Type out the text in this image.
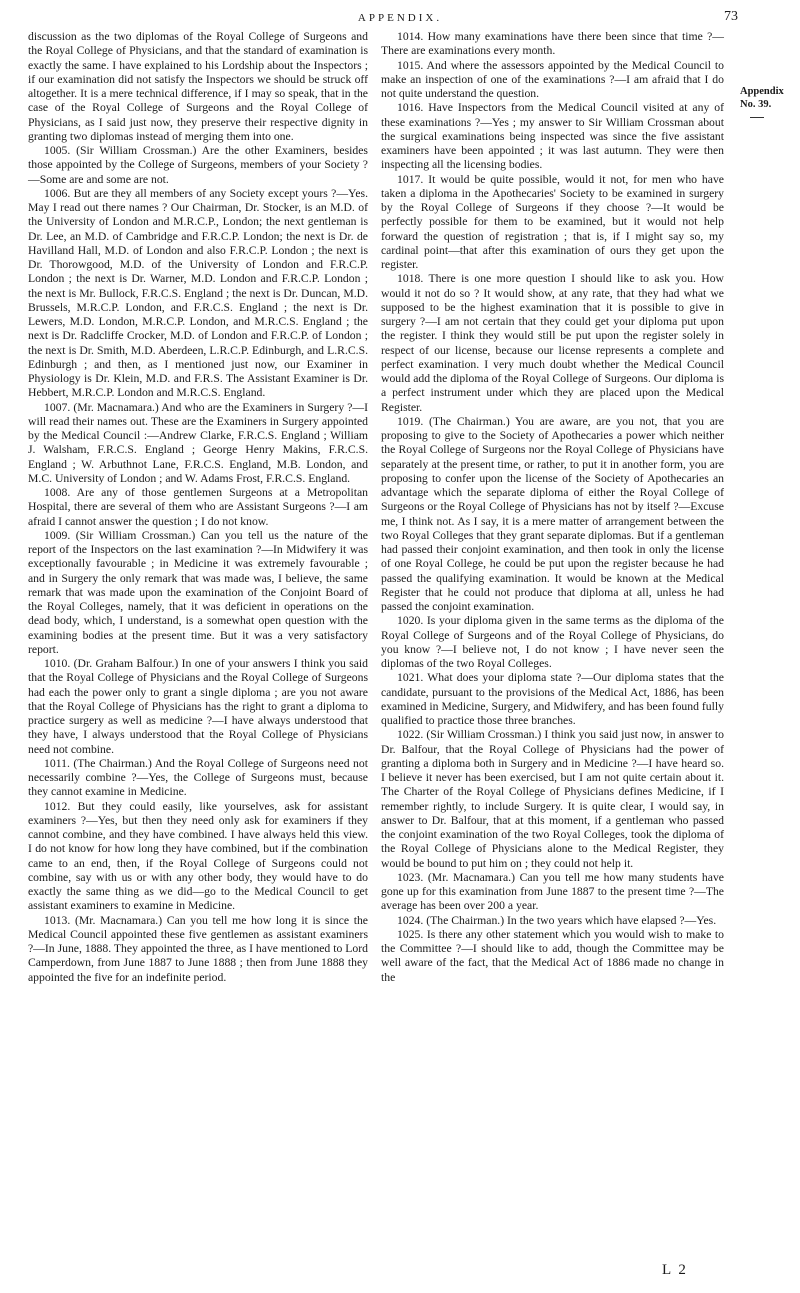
APPENDIX.	73

discussion as the two diplomas of the Royal College of Surgeons and the Royal College of Physicians, and that the standard of examination is exactly the same. I have explained to his Lordship about the Inspectors ; if our examination did not satisfy the Inspectors we should be struck off altogether. It is a mere technical difference, if I may so speak, that in the case of the Royal College of Surgeons and the Royal College of Physicians, as I said just now, they preserve their respective dignity in granting two diplomas instead of merging them into one.

1005. (Sir William Crossman.) Are the other Examiners, besides those appointed by the College of Surgeons, members of your Society ?—Some are and some are not.

1006. But are they all members of any Society except yours ?—Yes. May I read out there names ? Our Chairman, Dr. Stocker, is an M.D. of the University of London and M.R.C.P., London; the next gentleman is Dr. Lee, an M.D. of Cambridge and F.R.C.P. London; the next is Dr. de Havilland Hall, M.D. of London and also F.R.C.P. London ; the next is Dr. Thorowgood, M.D. of the University of London and F.R.C.P. London ; the next is Dr. Warner, M.D. London and F.R.C.P. London ; the next is Mr. Bullock, F.R.C.S. England ; the next is Dr. Duncan, M.D. Brussels, M.R.C.P. London, and F.R.C.S. England ; the next is Dr. Lewers, M.D. London, M.R.C.P. London, and M.R.C.S. England ; the next is Dr. Radcliffe Crocker, M.D. of London and F.R.C.P. of London ; the next is Dr. Smith, M.D. Aberdeen, L.R.C.P. Edinburgh, and L.R.C.S. Edinburgh ; and then, as I mentioned just now, our Examiner in Physiology is Dr. Klein, M.D. and F.R.S. The Assistant Examiner is Dr. Hebbert, M.R.C.P. London and M.R.C.S. England.

1007. (Mr. Macnamara.) And who are the Examiners in Surgery ?—I will read their names out. These are the Examiners in Surgery appointed by the Medical Council :—Andrew Clarke, F.R.C.S. England ; William J. Walsham, F.R.C.S. England ; George Henry Makins, F.R.C.S. England ; W. Arbuthnot Lane, F.R.C.S. England, M.B. London, and M.C. University of London ; and W. Adams Frost, F.R.C.S. England.

1008. Are any of those gentlemen Surgeons at a Metropolitan Hospital, there are several of them who are Assistant Surgeons ?—I am afraid I cannot answer the question ; I do not know.

1009. (Sir William Crossman.) Can you tell us the nature of the report of the Inspectors on the last examination ?—In Midwifery it was exceptionally favourable ; in Medicine it was extremely favourable ; and in Surgery the only remark that was made was, I believe, the same remark that was made upon the examination of the Conjoint Board of the Royal Colleges, namely, that it was deficient in operations on the dead body, which, I understand, is a somewhat open question with the examining bodies at the present time. But it was a very satisfactory report.

1010. (Dr. Graham Balfour.) In one of your answers I think you said that the Royal College of Physicians and the Royal College of Surgeons had each the power only to grant a single diploma ; are you not aware that the Royal College of Physicians has the right to grant a diploma to practice surgery as well as medicine ?—I have always understood that they have, I always understood that the Royal College of Physicians need not combine.

1011. (The Chairman.) And the Royal College of Surgeons need not necessarily combine ?—Yes, the College of Surgeons must, because they cannot examine in Medicine.

1012. But they could easily, like yourselves, ask for assistant examiners ?—Yes, but then they need only ask for examiners if they cannot combine, and they have combined. I have always held this view. I do not know for how long they have combined, but if the combination came to an end, then, if the Royal College of Surgeons could not combine, say with us or with any other body, they would have to do exactly the same thing as we did—go to the Medical Council to get assistant examiners to examine in Medicine.

1013. (Mr. Macnamara.) Can you tell me how long it is since the Medical Council appointed these five gentlemen as assistant examiners ?—In June, 1888. They appointed the three, as I have mentioned to Lord Camperdown, from June 1887 to June 1888 ; then from June 1888 they appointed the five for an indefinite period.

1014. How many examinations have there been since that time ?—There are examinations every month.

1015. And where the assessors appointed by the Medical Council to make an inspection of one of the examinations ?—I am afraid that I do not quite understand the question.

1016. Have Inspectors from the Medical Council visited at any of these examinations ?—Yes ; my answer to Sir William Crossman about the surgical examinations being inspected was since the five assistant examiners have been appointed ; it was last autumn. They were then inspecting all the licensing bodies.

1017. It would be quite possible, would it not, for men who have taken a diploma in the Apothecaries' Society to be examined in surgery by the Royal College of Surgeons if they choose ?—It would be perfectly possible for them to be examined, but it would not help forward the question of registration ; that is, if I might say so, my cardinal point—that after this examination of ours they get upon the register.

1018. There is one more question I should like to ask you. How would it not do so ? It would show, at any rate, that they had what we supposed to be the highest examination that it is possible to give in surgery ?—I am not certain that they could get your diploma put upon the register. I think they would still be put upon the register solely in respect of our license, because our license represents a complete and perfect examination. I very much doubt whether the Medical Council would add the diploma of the Royal College of Surgeons. Our diploma is a perfect instrument under which they are placed upon the Medical Register.

1019. (The Chairman.) You are aware, are you not, that you are proposing to give to the Society of Apothecaries a power which neither the Royal College of Surgeons nor the Royal College of Physicians have separately at the present time, or rather, to put it in another form, you are proposing to confer upon the license of the Society of Apothecaries an advantage which the separate diploma of either the Royal College of Surgeons or the Royal College of Physicians has not by itself ?—Excuse me, I think not. As I say, it is a mere matter of arrangement between the two Royal Colleges that they grant separate diplomas. But if a gentleman had passed their conjoint examination, and then took in only the license of one Royal College, he could be put upon the register because he had passed the qualifying examination. It would be known at the Medical Register that he could not produce that diploma at all, unless he had passed the conjoint examination.

1020. Is your diploma given in the same terms as the diploma of the Royal College of Surgeons and of the Royal College of Physicians, do you know ?—I believe not, I do not know ; I have never seen the diplomas of the two Royal Colleges.

1021. What does your diploma state ?—Our diploma states that the candidate, pursuant to the provisions of the Medical Act, 1886, has been examined in Medicine, Surgery, and Midwifery, and has been found fully qualified to practice those three branches.

1022. (Sir William Crossman.) I think you said just now, in answer to Dr. Balfour, that the Royal College of Physicians had the power of granting a diploma both in Surgery and in Medicine ?—I have heard so. I believe it never has been exercised, but I am not quite certain about it. The Charter of the Royal College of Physicians defines Medicine, if I remember rightly, to include Surgery. It is quite clear, I would say, in answer to Dr. Balfour, that at this moment, if a gentleman who passed the conjoint examination of the two Royal Colleges, took the diploma of the Royal College of Physicians alone to the Medical Register, they would be bound to put him on ; they could not help it.

1023. (Mr. Macnamara.) Can you tell me how many students have gone up for this examination from June 1887 to the present time ?—The average has been over 200 a year.

1024. (The Chairman.) In the two years which have elapsed ?—Yes.

1025. Is there any other statement which you would wish to make to the Committee ?—I should like to add, though the Committee may be well aware of the fact, that the Medical Act of 1886 made no change in the

Appendix
No. 39.
L 2
